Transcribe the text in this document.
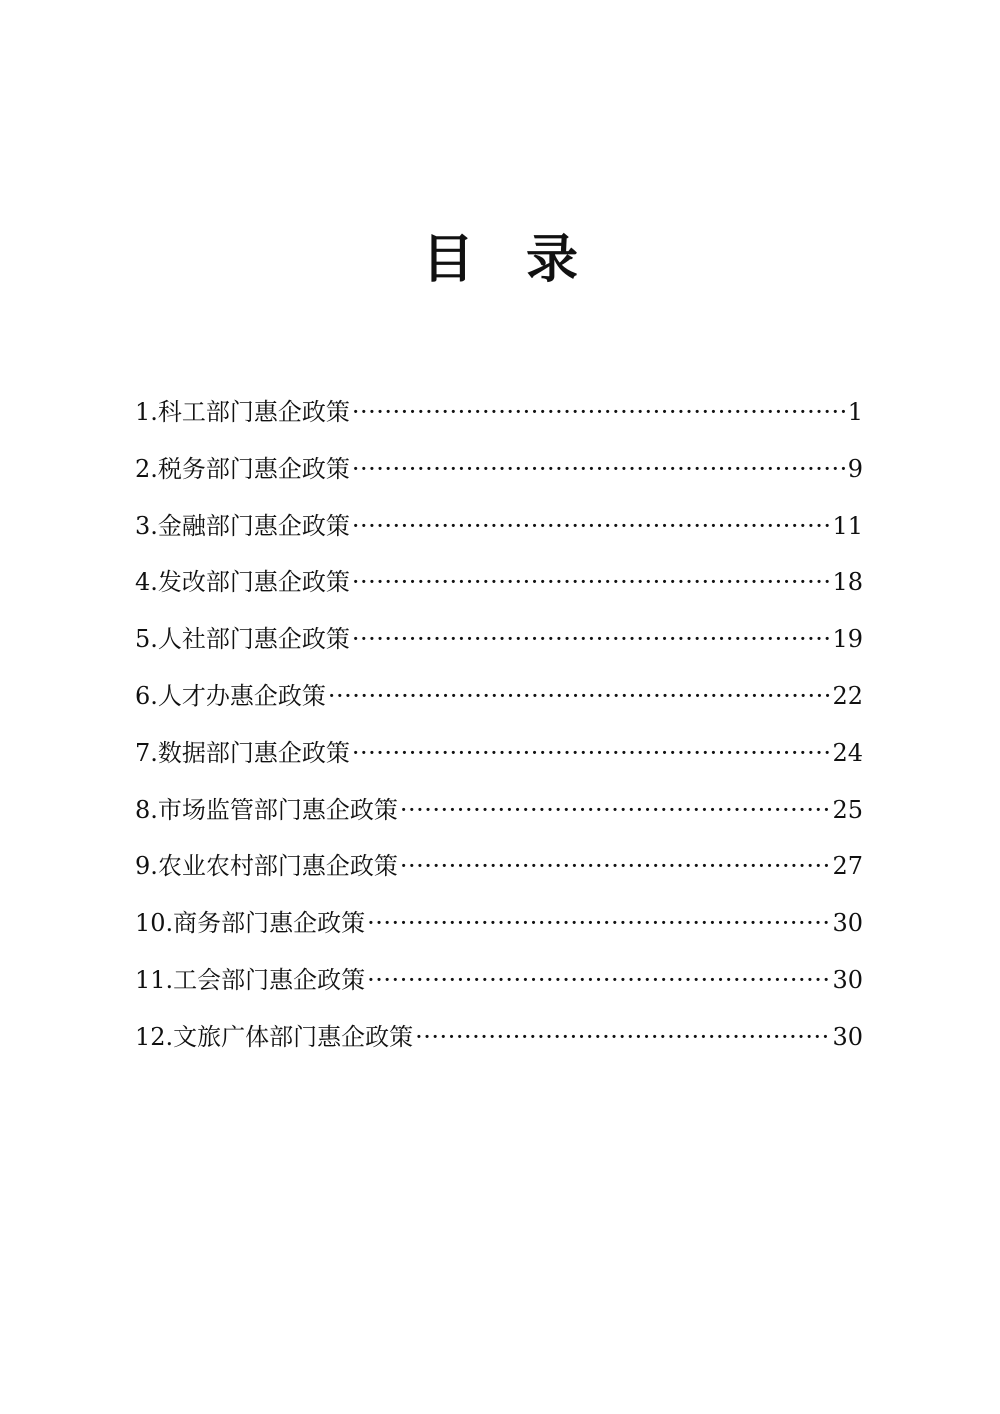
目 录
1.科工部门惠企政策 ·····	1
2.税务部门惠企政策 ·····	9
3.金融部门惠企政策 ·····	11
4.发改部门惠企政策 ·····	18
5.人社部门惠企政策 ·····	19
6.人才办惠企政策 ·····	22
7.数据部门惠企政策 ·····	24
8.市场监管部门惠企政策 ·····	25
9.农业农村部门惠企政策 ·····	27
10.商务部门惠企政策 ·····	30
11.工会部门惠企政策 ·····	30
12.文旅广体部门惠企政策 ·····	30
